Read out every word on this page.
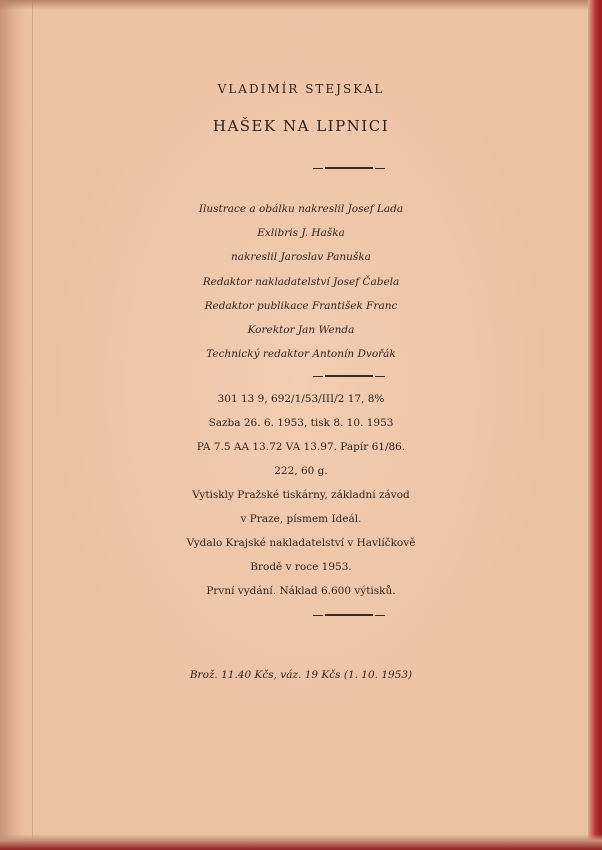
VLADIMÍR STEJSKAL
HAŠEK NA LIPNICI
Ilustrace a obálku nakreslil Josef Lada
Exlibris J. Haška
nakreslil Jaroslav Panuška
Redaktor nakladatelství Josef Čabela
Redaktor publikace František Franc
Korektor Jan Wenda
Technický redaktor Antonín Dvořák
301 13 9, 692/1/53/III/2 17, 8%
Sazba 26. 6. 1953, tisk 8. 10. 1953
PA 7.5 AA 13.72 VA 13.97. Papír 61/86.
222, 60 g.
Vytiskly Pražské tiskárny, základní závod
v Praze, písmem Ideál.
Vydalo Krajské nakladatelství v Havlíčkově
Brodě v roce 1953.
První vydání. Náklad 6.600 výtisků.
Brož. 11.40 Kčs, váz. 19 Kčs (1. 10. 1953)
